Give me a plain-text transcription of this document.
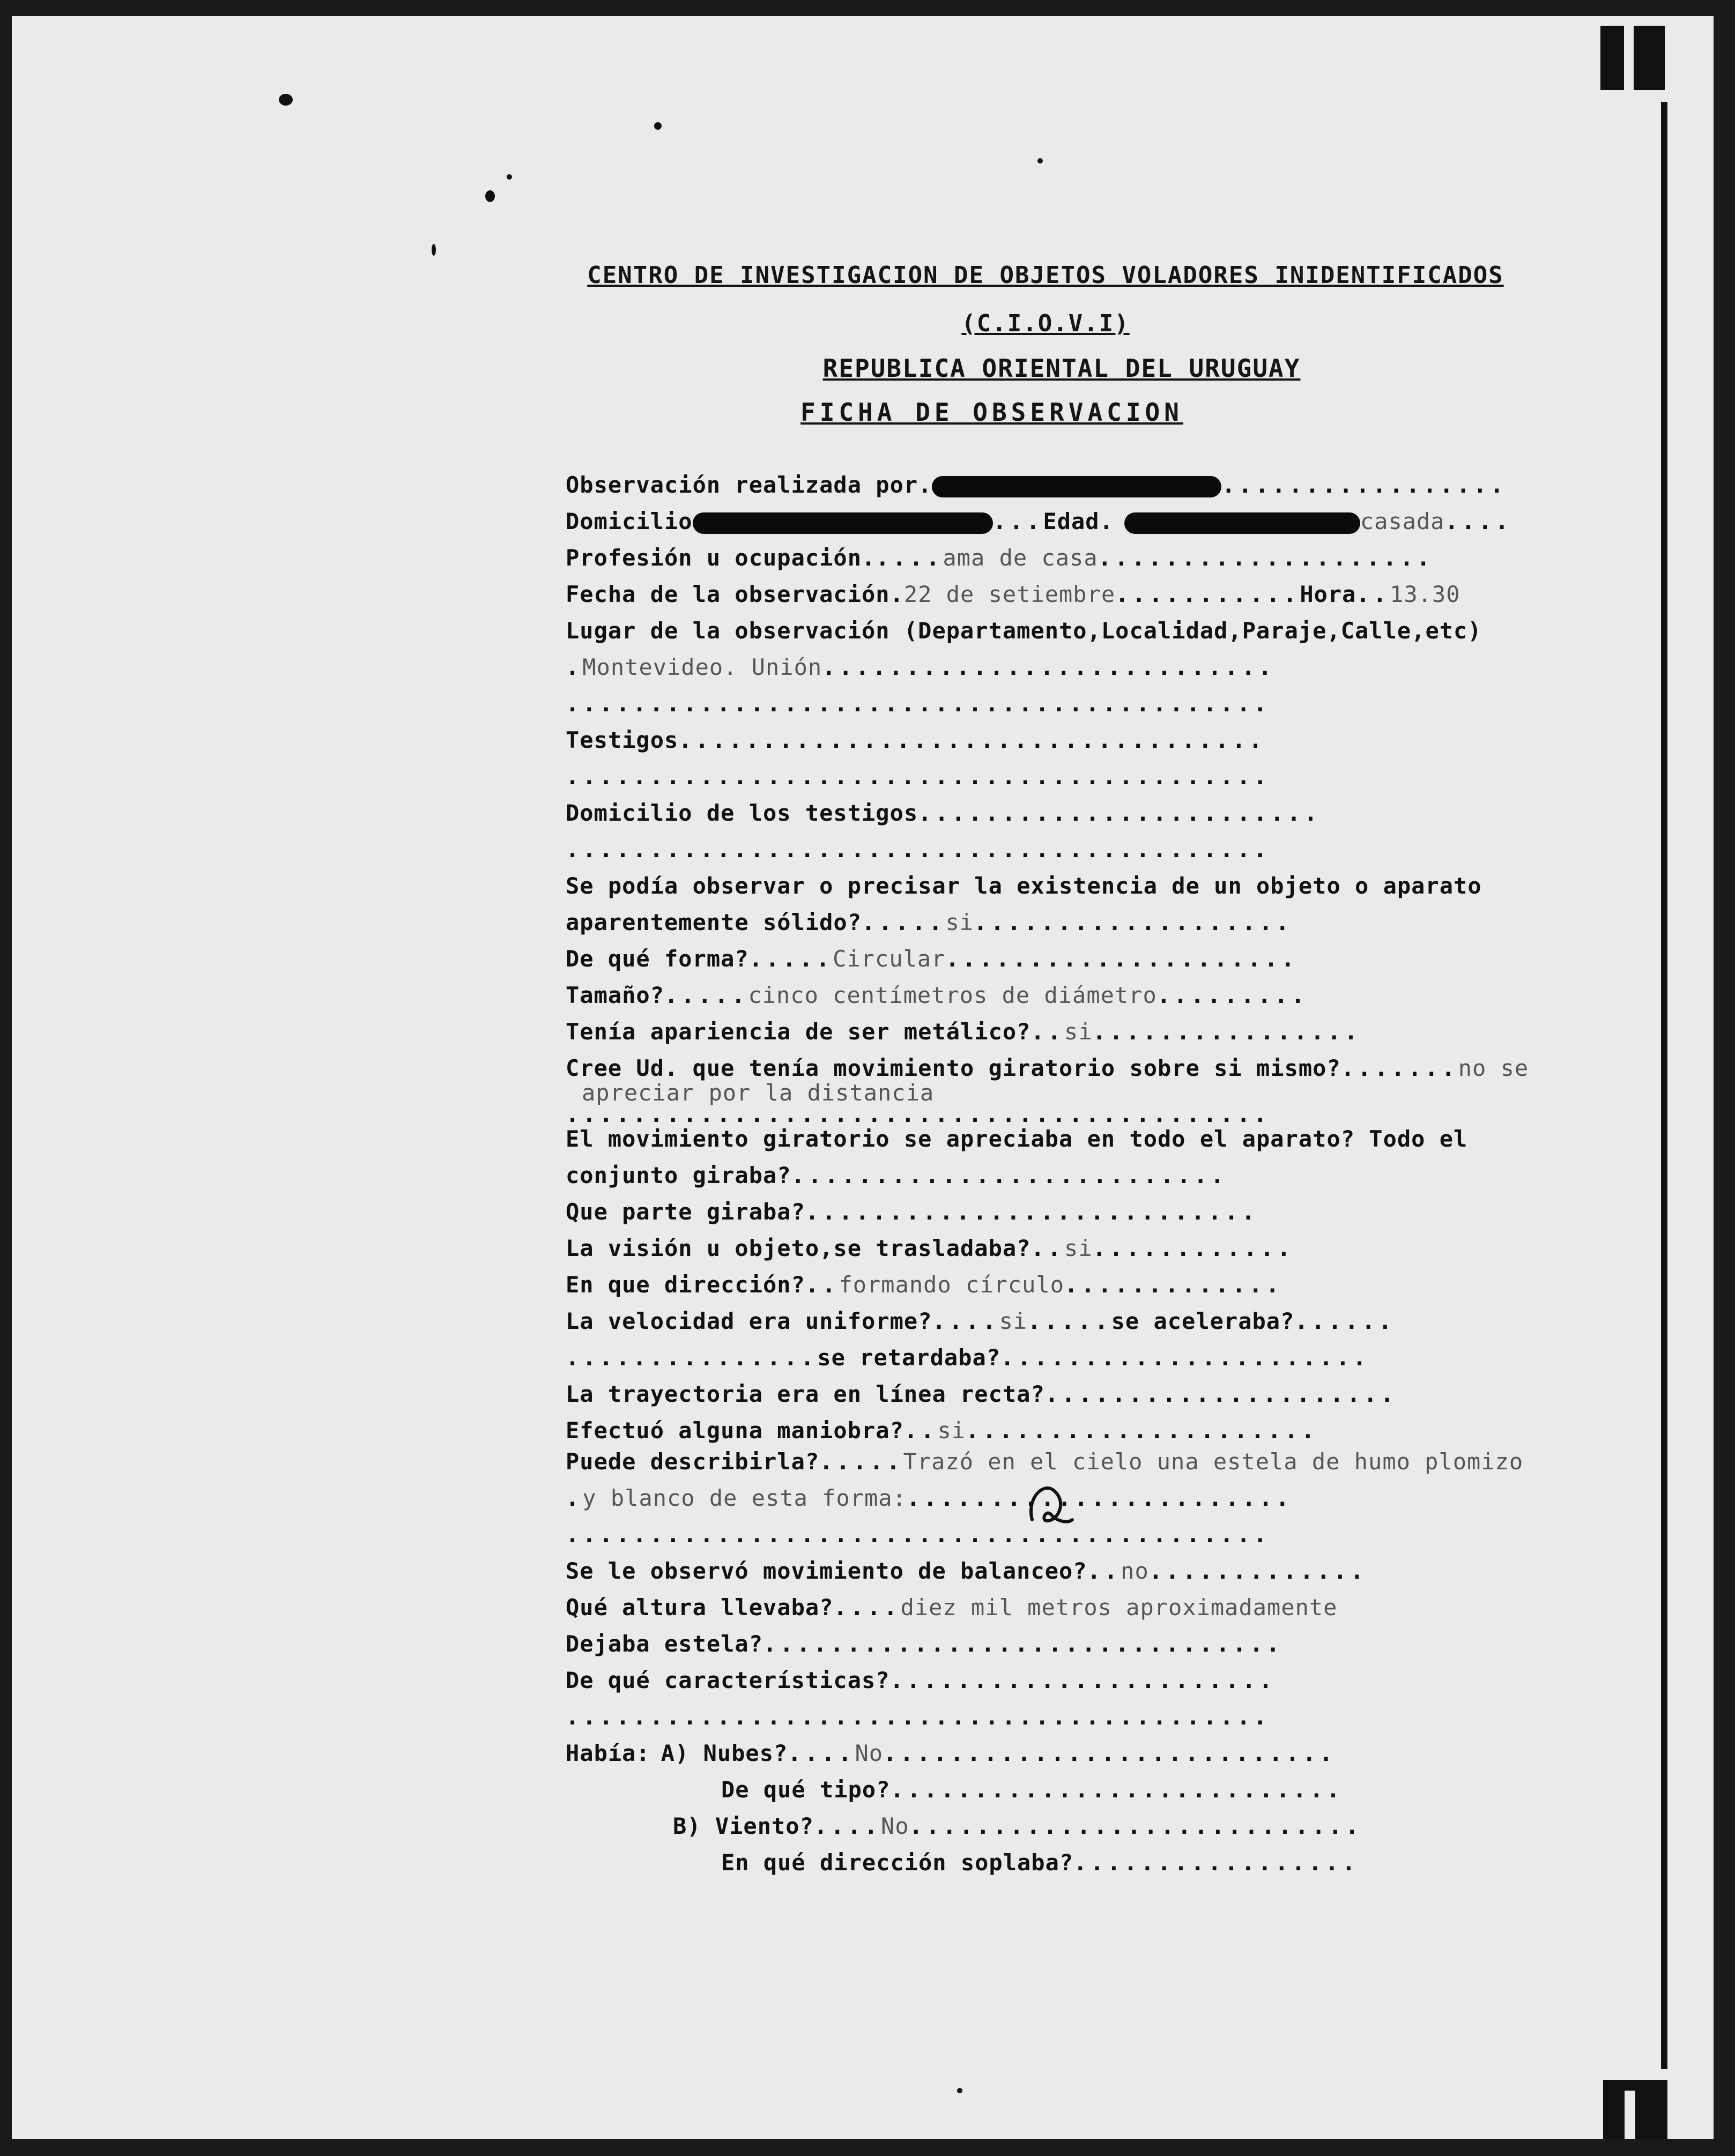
CENTRO DE INVESTIGACION DE OBJETOS VOLADORES INIDENTIFICADOS
(C.I.O.V.I)
REPUBLICA ORIENTAL DEL URUGUAY
FICHA DE OBSERVACION
Observación realizada por.	.................
Domicilio	...Edad.	casada....
Profesión u ocupación.....ama de casa....................
Fecha de la observación.22 de setiembre...........Hora..13.30
Lugar de la observación (Departamento,Localidad,Paraje,Calle,etc)
.Montevideo. Unión...........................
..........................................
Testigos...................................
..........................................
Domicilio de los testigos........................
..........................................
Se podía observar o precisar la existencia de un objeto o aparato
aparentemente sólido?.....si...................
De qué forma?.....Circular.....................
Tamaño?.....cinco centímetros de diámetro.........
Tenía apariencia de ser metálico?..si................
Cree Ud. que tenía movimiento giratorio sobre si mismo?.......no se
apreciar por la distancia
..........................................
El movimiento giratorio se apreciaba en todo el aparato? Todo el
conjunto giraba?..........................
Que parte giraba?...........................
La visión u objeto,se trasladaba?..si............
En que dirección?..formando círculo.............
La velocidad era uniforme?....si.....se aceleraba?......
...............se retardaba?......................
La trayectoria era en línea recta?.....................
Efectuó alguna maniobra?..si.....................
Puede describirla?.....Trazó en el cielo una estela de humo plomizo
.y blanco de esta forma:.......................
..........................................
Se le observó movimiento de balanceo?..no.............
Qué altura llevaba?....diez mil metros aproximadamente
Dejaba estela?...............................
De qué características?.......................
..........................................
Había: A) Nubes?....No...........................
De qué tipo?...........................
B) Viento?....No...........................
En qué dirección soplaba?.................
